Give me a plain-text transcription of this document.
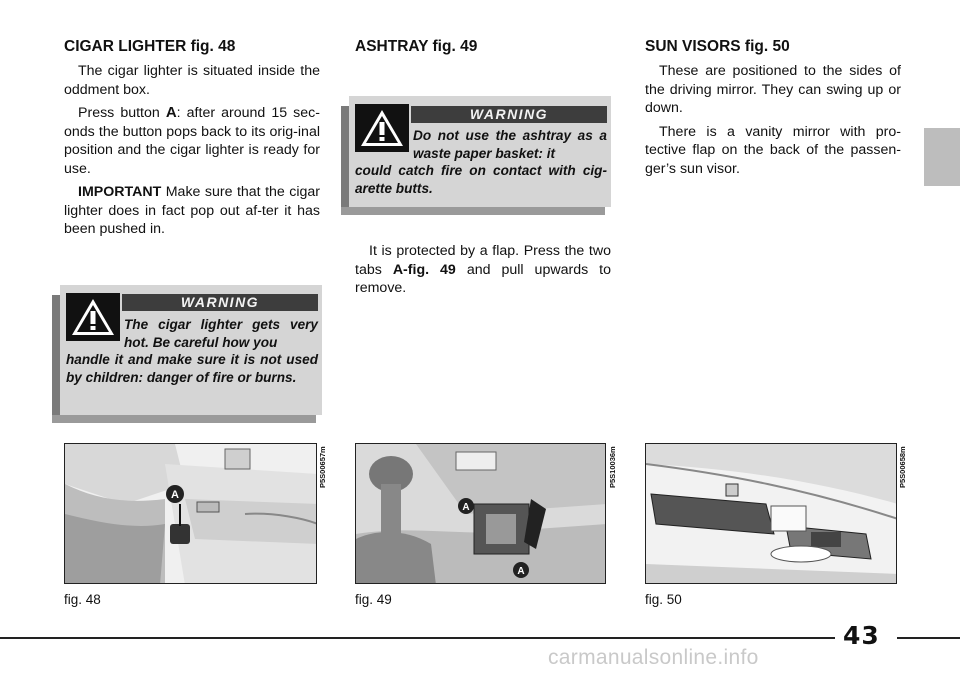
CIGAR LIGHTER fig. 48

The cigar lighter is situated inside the oddment box.

Press button A: after around 15 sec-onds the button pops back to its orig-inal position and the cigar lighter is ready for use.

IMPORTANT Make sure that the cigar lighter does in fact pop out af-ter it has been pushed in.

ASHTRAY fig. 49	SUN VISORS fig. 50

These are positioned to the sides of the driving mirror. They can swing up or down.

There is a vanity mirror with pro-tective flap on the back of the passen-ger’s sun visor.

WARNING
Do not use the ashtray as a waste paper basket: it
could catch fire on contact with cig-arette butts.

It is protected by a flap. Press the two tabs A-fig. 49 and pull upwards to remove.

WARNING
The cigar lighter gets very hot. Be careful how you
handle it and make sure it is not used by children: danger of fire or burns.
A
P5S00657m
fig. 48
A
A
P5S10036m
fig. 49
P5S00658m
fig. 50
43
carmanualsonline.info
